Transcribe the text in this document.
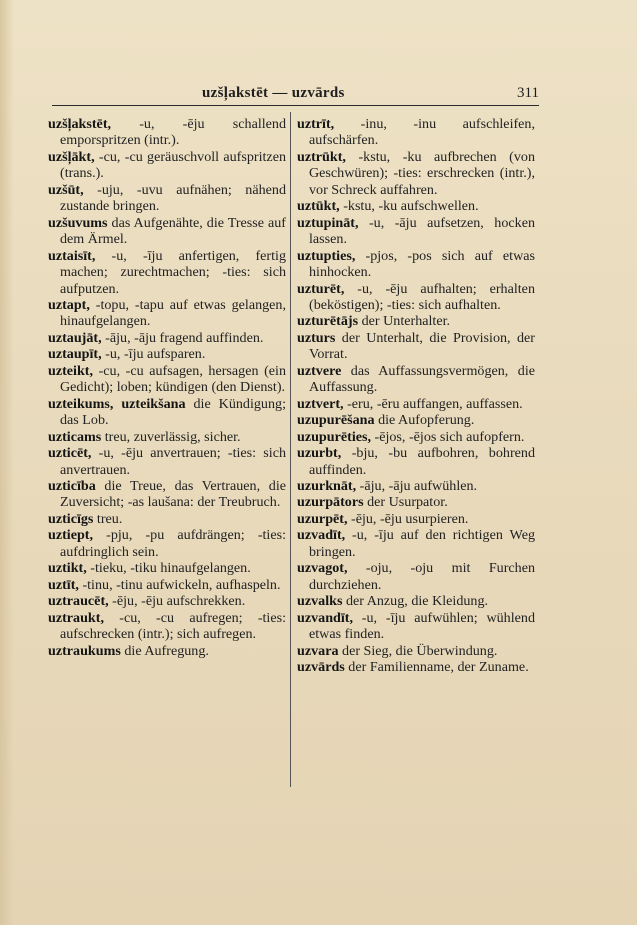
uzšļakstēt — uzvārds	311

uzšļakstēt, -u, -ēju schallend emporspritzen (intr.).

uzšļākt, -cu, -cu geräuschvoll aufspritzen (trans.).

uzšūt, -uju, -uvu aufnähen; nähend zustande bringen.

uzšuvums das Aufgenähte, die Tresse auf dem Ärmel.

uztaisīt, -u, -īju anfertigen, fertig machen; zurechtmachen; -ties: sich aufputzen.

uztapt, -topu, -tapu auf etwas gelangen, hinaufgelangen.

uztaujāt, -āju, -āju fragend auffinden.

uztaupīt, -u, -īju aufsparen.

uzteikt, -cu, -cu aufsagen, hersagen (ein Gedicht); loben; kündigen (den Dienst).

uzteikums, uzteikšana die Kündigung; das Lob.

uzticams treu, zuverlässig, sicher.

uzticēt, -u, -ēju anvertrauen; -ties: sich anvertrauen.

uzticība die Treue, das Vertrauen, die Zuversicht; -as laušana: der Treubruch.

uzticīgs treu.

uztiept, -pju, -pu aufdrängen; -ties: aufdringlich sein.

uztikt, -tieku, -tiku hinaufgelangen.

uztīt, -tinu, -tinu aufwickeln, aufhaspeln.

uztraucēt, -ēju, -ēju aufschrekken.

uztraukt, -cu, -cu aufregen; -ties: aufschrecken (intr.); sich aufregen.

uztraukums die Aufregung.

uztrīt, -inu, -inu aufschleifen, aufschärfen.

uztrūkt, -kstu, -ku aufbrechen (von Geschwüren); -ties: erschrecken (intr.), vor Schreck auffahren.

uztūkt, -kstu, -ku aufschwellen.

uztupināt, -u, -āju aufsetzen, hocken lassen.

uztupties, -pjos, -pos sich auf etwas hinhocken.

uzturēt, -u, -ēju aufhalten; erhalten (beköstigen); -ties: sich aufhalten.

uzturētājs der Unterhalter.

uzturs der Unterhalt, die Provision, der Vorrat.

uztvere das Auffassungsvermögen, die Auffassung.

uztvert, -eru, -ēru auffangen, auffassen.

uzupurēšana die Aufopferung.

uzupurēties, -ējos, -ējos sich aufopfern.

uzurbt, -bju, -bu aufbohren, bohrend auffinden.

uzurknāt, -āju, -āju aufwühlen.

uzurpātors der Usurpator.

uzurpēt, -ēju, -ēju usurpieren.

uzvadīt, -u, -īju auf den richtigen Weg bringen.

uzvagot, -oju, -oju mit Furchen durchziehen.

uzvalks der Anzug, die Kleidung.

uzvandīt, -u, -īju aufwühlen; wühlend etwas finden.

uzvara der Sieg, die Überwindung.

uzvārds der Familienname, der Zuname.
